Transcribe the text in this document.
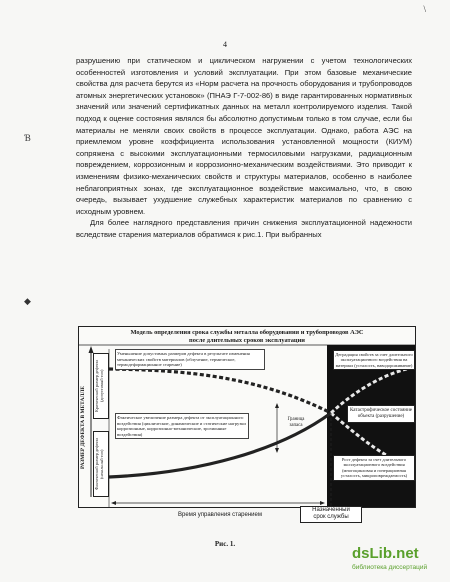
\
4
Ɓ
◆

разрушению при статическом и циклическом нагружении с учетом технологических особенностей изготовления и условий эксплуатации. При этом базовые механические свойства для расчета берутся из «Норм расчета на прочность оборудования и трубопроводов атомных энергетических установок» (ПНАЭ Г-7-002-86) в виде гарантированных нормативных значений или значений сертификатных данных на металл контролируемого изделия. Такой подход к оценке состояния являлся бы абсолютно допустимым только в том случае, если бы материалы не меняли своих свойств в процессе эксплуатации. Однако, работа АЭС на приемлемом уровне коэффициента использования установленной мощности (КИУМ) сопряжена с высокими эксплуатационными термосиловыми нагрузками, радиационным повреждением, коррозионным и коррозионно-механическим воздействиями. Это приводит к изменениям физико-механических свойств и структуры материалов, особенно в наиболее неблагоприятных зонах, где эксплуатационное воздействие максимально, что, в свою очередь, вызывает ухудшение служебных характеристик материалов по сравнению с исходным уровнем.

Для более наглядного представления причин снижения эксплуатационной надежности вследствие старения материалов обратимся к рис.1. При выбранных

Модель определения срока службы металла оборудования и трубопроводов АЭС
после длительных сроков эксплуатации
РАЗМЕР ДЕФЕКТА В МЕТАЛЛЕ	Критический размер дефекта (допустимый тип)
Фактический размер дефекта (начальный тип)
Уменьшение допустимых размеров дефекта в результате изменения механических свойств материалов (облучение, термическое, термодеформационное старение)
Фактическое увеличение размера дефекта от эксплуатационного воздействия (циклические, динамические и статические нагрузки коррозионные, коррозионно-механические, эрозионные воздействия)
Граница запаса
Деградация свойств за счет длительного эксплуатационного воздействия на материал (усталость, наводороживание)
Катастрофическое состояние объекта (разрушение)
Рост дефекта за счет длительного эксплуатационного воздействия (многоцикловая и гонерационная усталость, микроповреждаемость)
Время управления старением
Назначенный
срок службы
Рис. 1.
dsLib.net
библиотека диссертаций
